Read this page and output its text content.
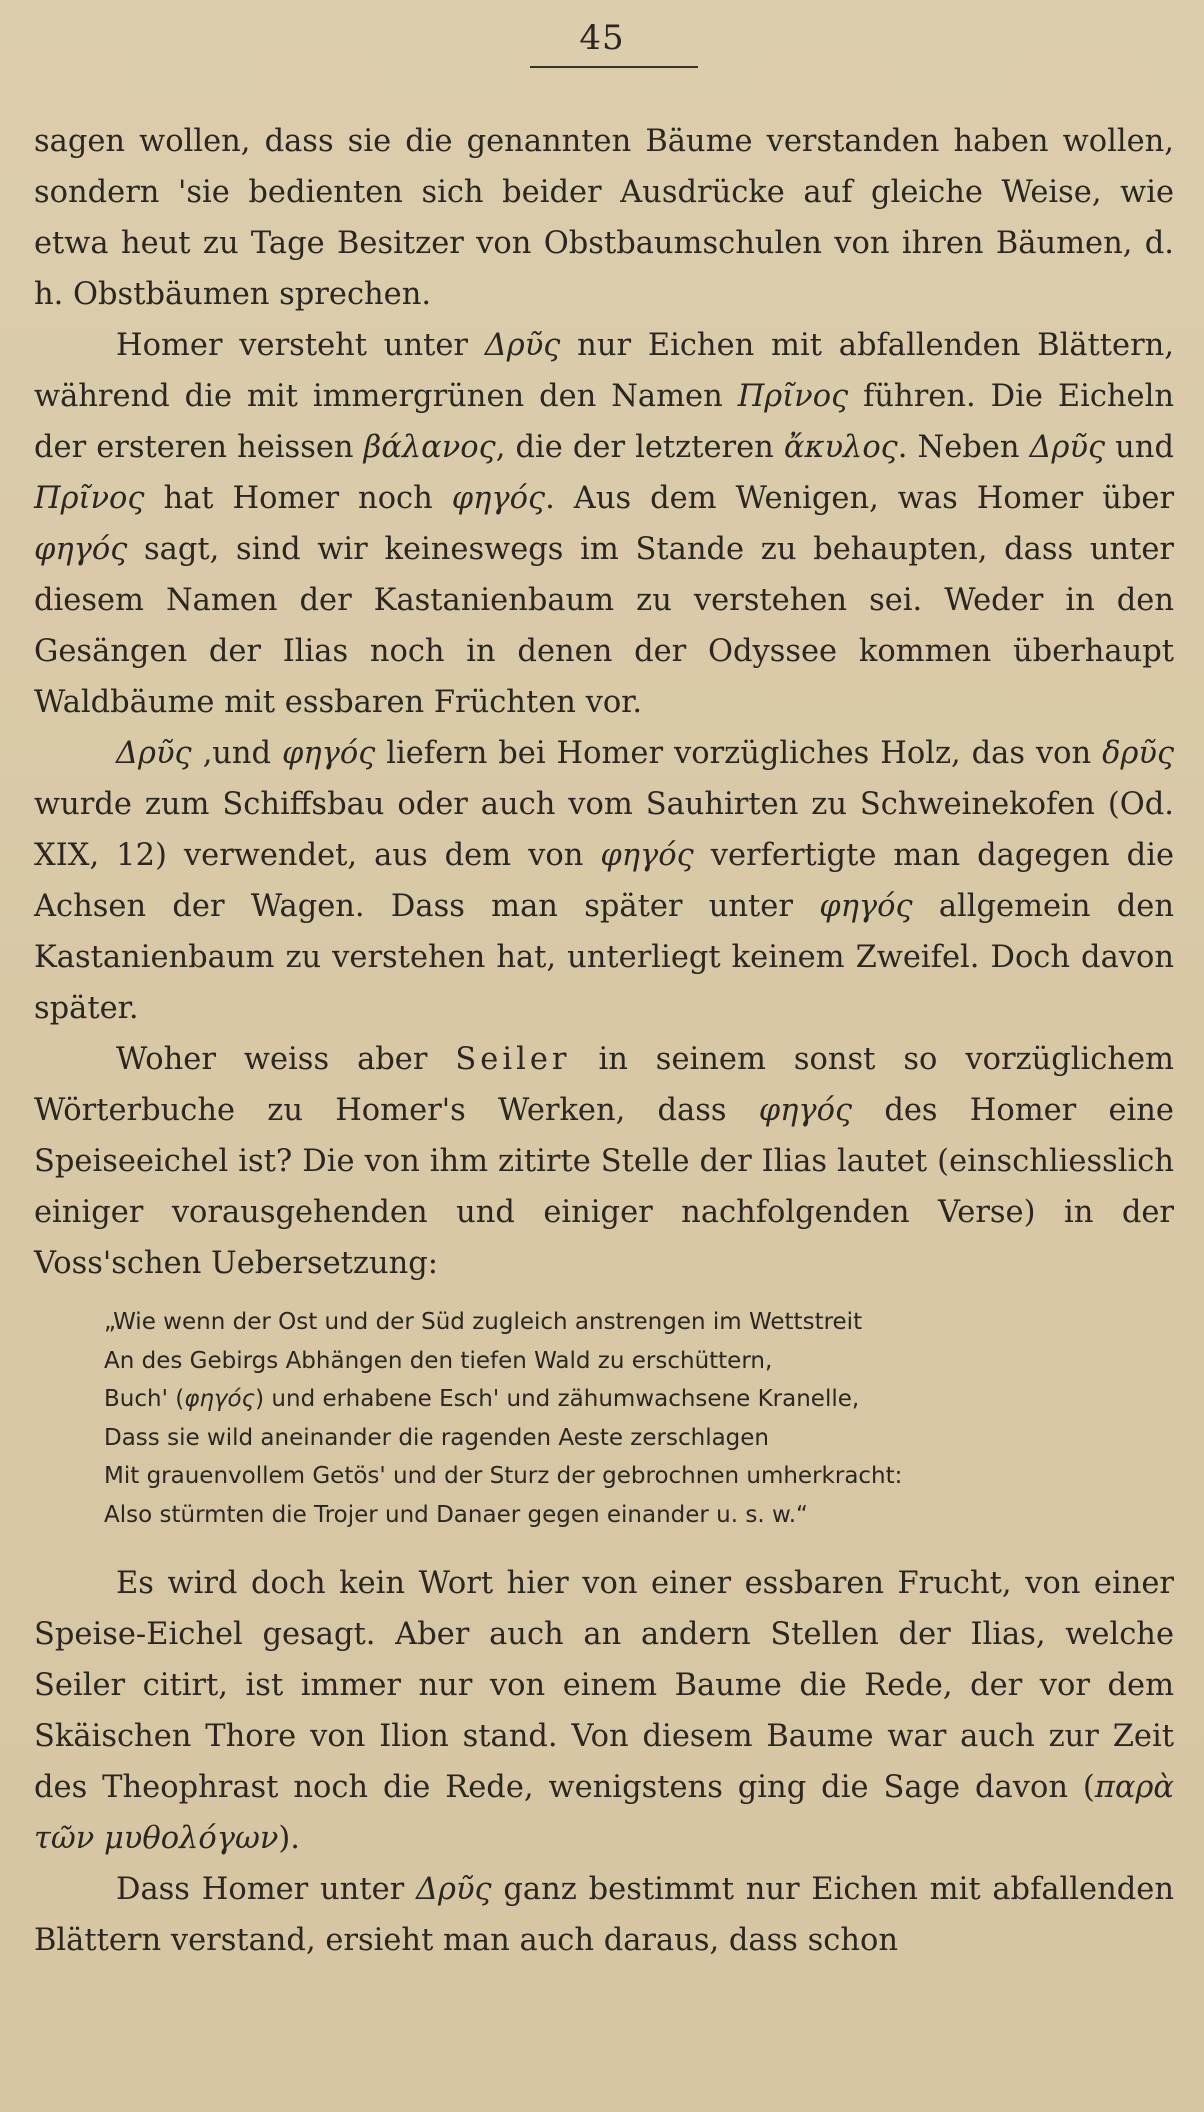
45

sagen wollen, dass sie die genannten Bäume verstanden haben wollen, sondern 'sie bedienten sich beider Ausdrücke auf gleiche Weise, wie etwa heut zu Tage Besitzer von Obstbaumschulen von ihren Bäumen, d. h. Obstbäumen sprechen.

Homer versteht unter Δρῦς nur Eichen mit abfallenden Blättern, während die mit immergrünen den Namen Πρῖνος führen. Die Eicheln der ersteren heissen βάλανος, die der letzteren ἄκυλος. Neben Δρῦς und Πρῖνος hat Homer noch φηγός. Aus dem Wenigen, was Homer über φηγός sagt, sind wir keineswegs im Stande zu behaupten, dass unter diesem Namen der Kastanienbaum zu verstehen sei. Weder in den Gesängen der Ilias noch in denen der Odyssee kommen überhaupt Waldbäume mit essbaren Früchten vor.

Δρῦς ‚und φηγός liefern bei Homer vorzügliches Holz, das von δρῦς wurde zum Schiffsbau oder auch vom Sauhirten zu Schweinekofen (Od. XIX, 12) verwendet, aus dem von φηγός verfertigte man dagegen die Achsen der Wagen. Dass man später unter φηγός allgemein den Kastanienbaum zu verstehen hat, unterliegt keinem Zweifel. Doch davon später.

Woher weiss aber Seiler in seinem sonst so vorzüglichem Wörterbuche zu Homer's Werken, dass φηγός des Homer eine Speiseeichel ist? Die von ihm zitirte Stelle der Ilias lautet (einschliesslich einiger vorausgehenden und einiger nachfolgenden Verse) in der Voss'schen Uebersetzung:

„Wie wenn der Ost und der Süd zugleich anstrengen im Wettstreit
An des Gebirgs Abhängen den tiefen Wald zu erschüttern,
Buch' (φηγός) und erhabene Esch' und zähumwachsene Kranelle,
Dass sie wild aneinander die ragenden Aeste zerschlagen
Mit grauenvollem Getös' und der Sturz der gebrochnen umherkracht:
Also stürmten die Trojer und Danaer gegen einander u. s. w.“

Es wird doch kein Wort hier von einer essbaren Frucht, von einer Speise-Eichel gesagt. Aber auch an andern Stellen der Ilias, welche Seiler citirt, ist immer nur von einem Baume die Rede, der vor dem Skäischen Thore von Ilion stand. Von diesem Baume war auch zur Zeit des Theophrast noch die Rede, wenigstens ging die Sage davon (παρὰ τῶν μυθολόγων).

Dass Homer unter Δρῦς ganz bestimmt nur Eichen mit abfallenden Blättern verstand, ersieht man auch daraus, dass schon
